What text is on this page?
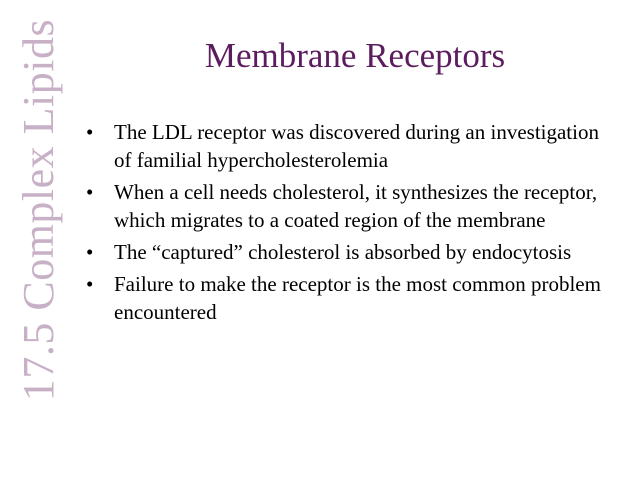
17.5 Complex Lipids	Membrane Receptors
• The LDL receptor was discovered during an investigation of familial hypercholesterolemia
• When a cell needs cholesterol, it synthesizes the receptor, which migrates to a coated region of the membrane
• The “captured” cholesterol is absorbed by endocytosis
• Failure to make the receptor is the most common problem encountered
